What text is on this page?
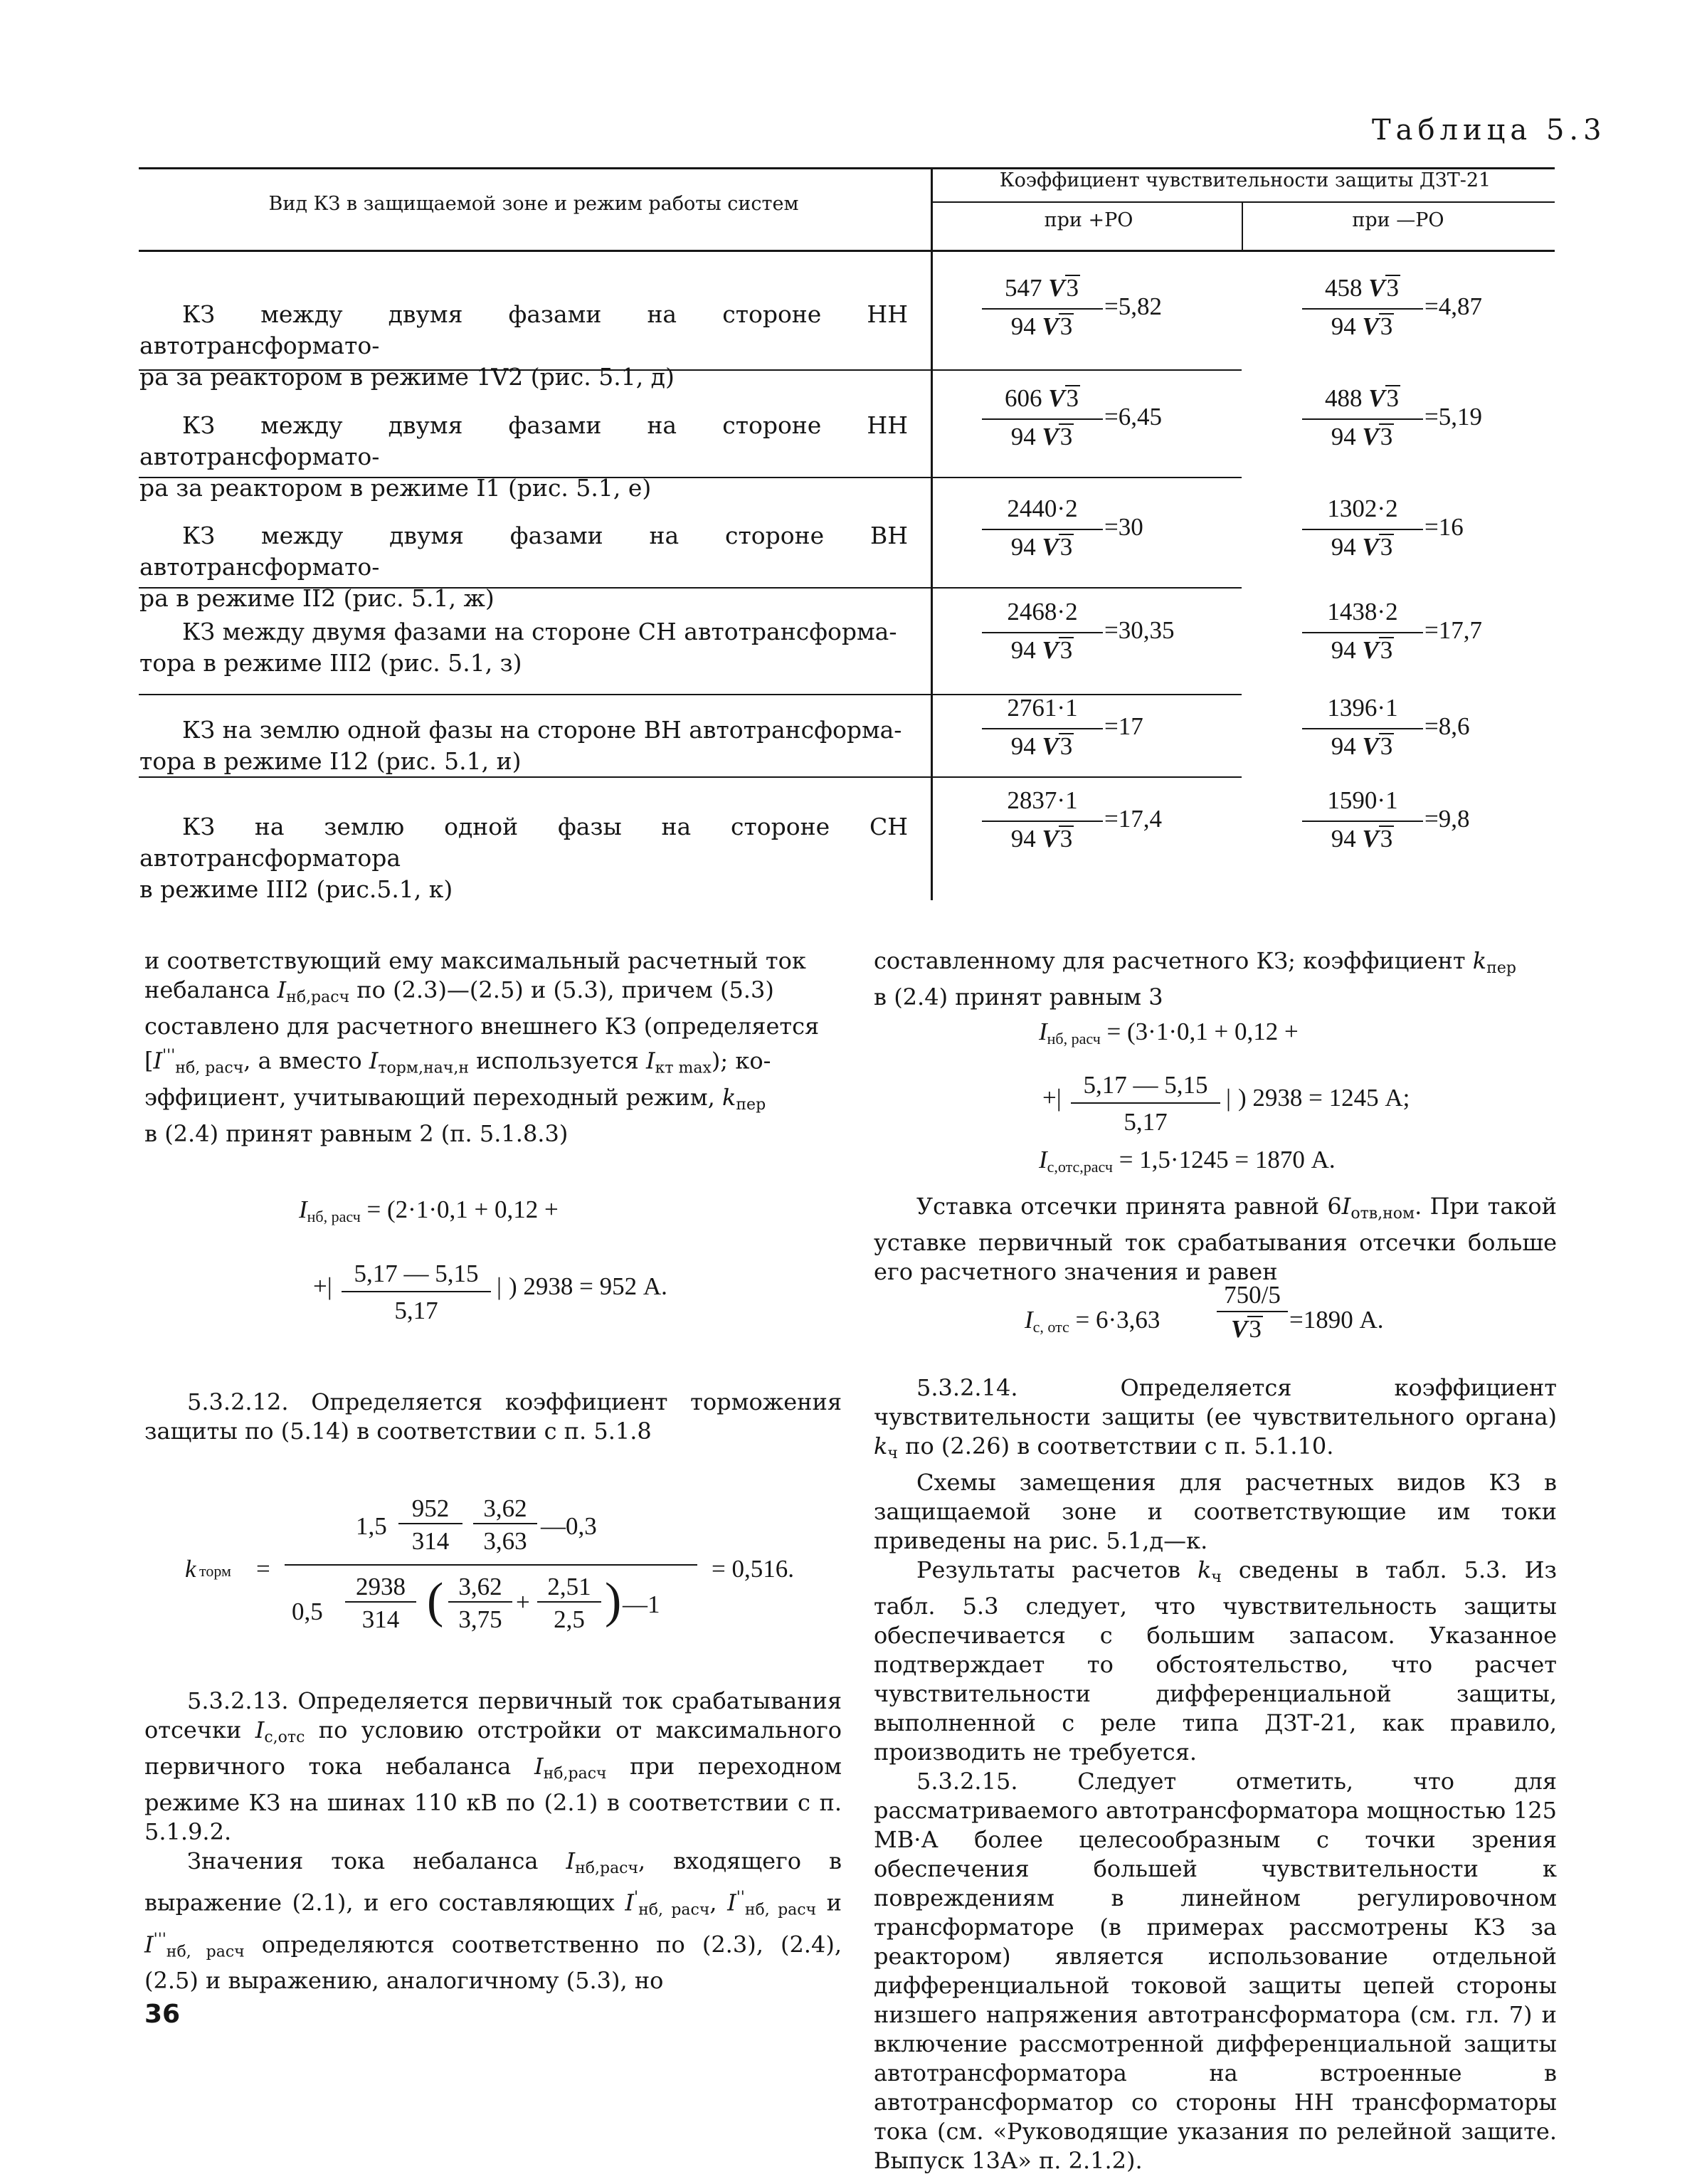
Таблица 5.3
Вид КЗ в защищаемой зоне и режим работы систем
Коэффициент чувствительности защиты ДЗТ-21
при +РО	при —РО
КЗ между двумя фазами на стороне НН автотрансформато-
ра за реактором в режиме 1V2 (рис. 5.1, д)
КЗ между двумя фазами на стороне НН автотрансформато-
ра за реактором в режиме I1 (рис. 5.1, е)
КЗ между двумя фазами на стороне ВН автотрансформато-
ра в режиме II2 (рис. 5.1, ж)
КЗ между двумя фазами на стороне СН автотрансформа-
тора в режиме III2 (рис. 5.1, з)
КЗ на землю одной фазы на стороне ВН автотрансформа-
тора в режиме I12 (рис. 5.1, и)
КЗ на землю одной фазы на стороне СН автотрансформатора
в режиме III2 (рис.5.1, к)
547 V3
94 V3
=5,82
458 V3
94 V3
=4,87
606 V3
94 V3
=6,45
488 V3
94 V3
=5,19
2440·2
94 V3
=30
1302·2
94 V3
=16
2468·2
94 V3
=30,35
1438·2
94 V3
=17,7
2761·1
94 V3
=17
1396·1
94 V3
=8,6
2837·1
94 V3
=17,4
1590·1
94 V3
=9,8
и соответствующий ему максимальный расчетный ток
небаланса $I_{нб,расч}$ по (2.3)—(2.5) и (5.3), причем (5.3)
составлено для расчетного внешнего КЗ (определяется
[$I'''_{нб, расч}$, а вместо $I_{торм,нач,н}$ используется $I_{кт max}$); ко-
эффициент, учитывающий переходный режим, $k_{пер}$
в (2.4) принят равным 2 (п. 5.1.8.3)
$I_{нб, расч} = (2\cdot 1\cdot 0,1 + 0,12$ +
+| 5,17 — 5,15
5,17
| ) 2938 = 952 А.
5.3.2.12. Определяется коэффициент торможения защиты по (5.14) в соответствии с п. 5.1.8
k торм =
1,5
952
314
3,62
3,63
—0,3
0,5
2938
314 ( 3,62
3,75
+
2,51
2,5 ) —1
= 0,516.
5.3.2.13. Определяется первичный ток срабатывания отсечки $I_{с,отс}$ по условию отстройки от максимального первичного тока небаланса $I_{нб,расч}$ при переходном режиме КЗ на шинах 110 кВ по (2.1) в соответствии с п. 5.1.9.2.
Значения тока небаланса $I_{нб,расч}$, входящего в выражение (2.1), и его составляющих $I'_{нб, расч}$, $I''_{нб, расч}$ и $I'''_{нб, расч}$ определяются соответственно по (2.3), (2.4), (2.5) и выражению, аналогичному (5.3), но
составленному для расчетного КЗ; коэффициент $k_{пер}$
в (2.4) принят равным 3
$I_{нб, расч} = (3\cdot 1\cdot 0,1 + 0,12$ +
+| 5,17 — 5,15
5,17
| ) 2938 = 1245 А;
$I_{с,отс,расч} = 1,5\cdot 1245 = 1870$ А.
Уставка отсечки принята равной $6I_{отв,ном}$. При такой уставке первичный ток срабатывания отсечки больше его расчетного значения и равен
$I_{с, отс} = 6\cdot 3,63$
750/5
V3 =1890 А.
5.3.2.14. Определяется коэффициент чувствительности защиты (ее чувствительного органа) $k_ч$ по (2.26) в соответствии с п. 5.1.10.
Схемы замещения для расчетных видов КЗ в защищаемой зоне и соответствующие им токи приведены на рис. 5.1,д—к.
Результаты расчетов $k_ч$ сведены в табл. 5.3. Из табл. 5.3 следует, что чувствительность защиты обеспечивается с большим запасом. Указанное подтверждает то обстоятельство, что расчет чувствительности дифференциальной защиты, выполненной с реле типа ДЗТ-21, как правило, производить не требуется.
5.3.2.15. Следует отметить, что для рассматриваемого автотрансформатора мощностью 125 МВ·А более целесообразным с точки зрения обеспечения большей чувствительности к повреждениям в линейном регулировочном трансформаторе (в примерах рассмотрены КЗ за реактором) является использование отдельной дифференциальной токовой защиты цепей стороны низшего напряжения автотрансформатора (см. гл. 7) и включение рассмотренной дифференциальной защиты автотрансформатора на встроенные в автотрансформатор со стороны НН трансформаторы тока (см. «Руководящие указания по релейной защите. Выпуск 13А» п. 2.1.2).
36
